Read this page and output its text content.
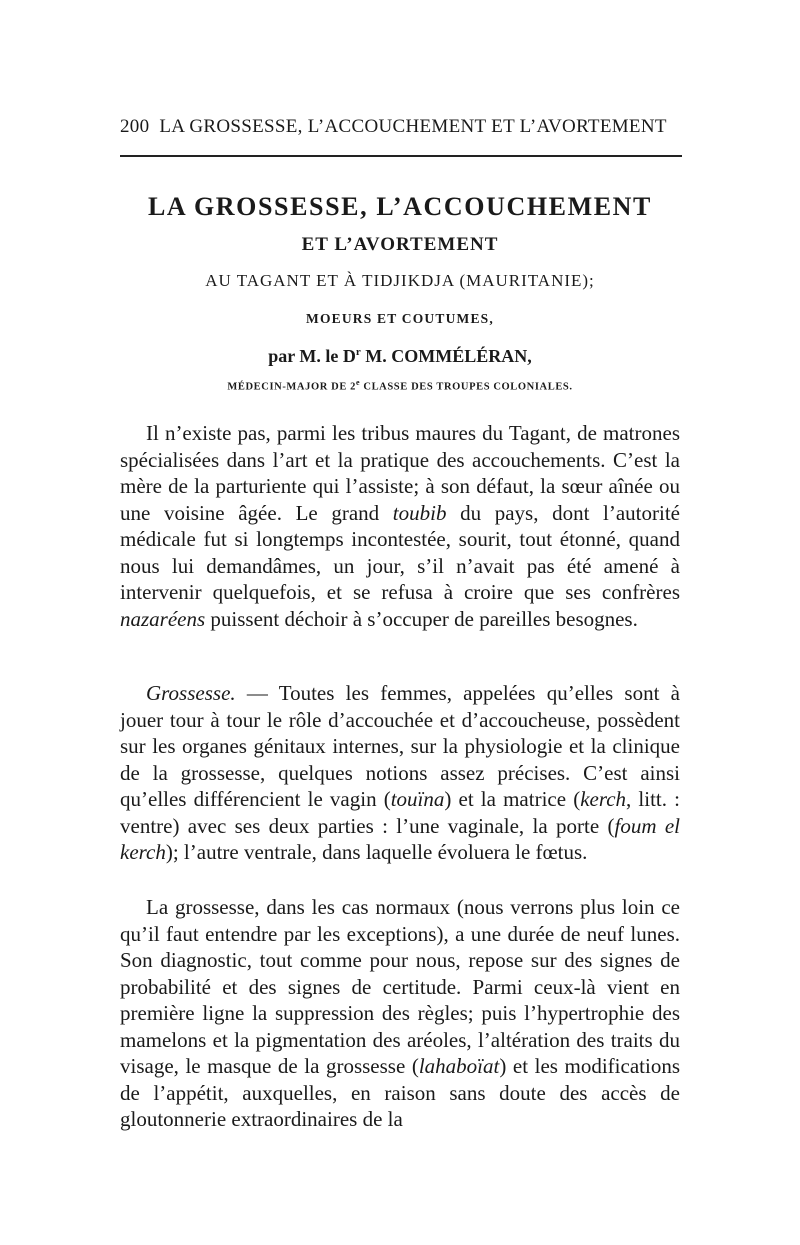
200 LA GROSSESSE, L’ACCOUCHEMENT ET L’AVORTEMENT
LA GROSSESSE, L’ACCOUCHEMENT
ET L’AVORTEMENT
AU TAGANT ET À TIDJIKDJA (MAURITANIE);
MOEURS ET COUTUMES,
par M. le $D^r$ M. COMMÉLÉRAN,
MÉDECIN-MAJOR DE 2e CLASSE DES TROUPES COLONIALES.

Il n’existe pas, parmi les tribus maures du Tagant, de matrones spécialisées dans l’art et la pratique des accouchements. C’est la mère de la parturiente qui l’assiste; à son défaut, la sœur aînée ou une voisine âgée. Le grand toubib du pays, dont l’autorité médicale fut si longtemps incontestée, sourit, tout étonné, quand nous lui demandâmes, un jour, s’il n’avait pas été amené à intervenir quelquefois, et se refusa à croire que ses confrères nazaréens puissent déchoir à s’occuper de pareilles besognes.

Grossesse. — Toutes les femmes, appelées qu’elles sont à jouer tour à tour le rôle d’accouchée et d’accoucheuse, possèdent sur les organes génitaux internes, sur la physiologie et la clinique de la grossesse, quelques notions assez précises. C’est ainsi qu’elles différencient le vagin (touïna) et la matrice (kerch, litt. : ventre) avec ses deux parties : l’une vaginale, la porte (foum el kerch); l’autre ventrale, dans laquelle évoluera le fœtus.

La grossesse, dans les cas normaux (nous verrons plus loin ce qu’il faut entendre par les exceptions), a une durée de neuf lunes. Son diagnostic, tout comme pour nous, repose sur des signes de probabilité et des signes de certitude. Parmi ceux-là vient en première ligne la suppression des règles; puis l’hypertrophie des mamelons et la pigmentation des aréoles, l’altération des traits du visage, le masque de la grossesse (lahaboïat) et les modifications de l’appétit, auxquelles, en raison sans doute des accès de gloutonnerie extraordinaires de la
